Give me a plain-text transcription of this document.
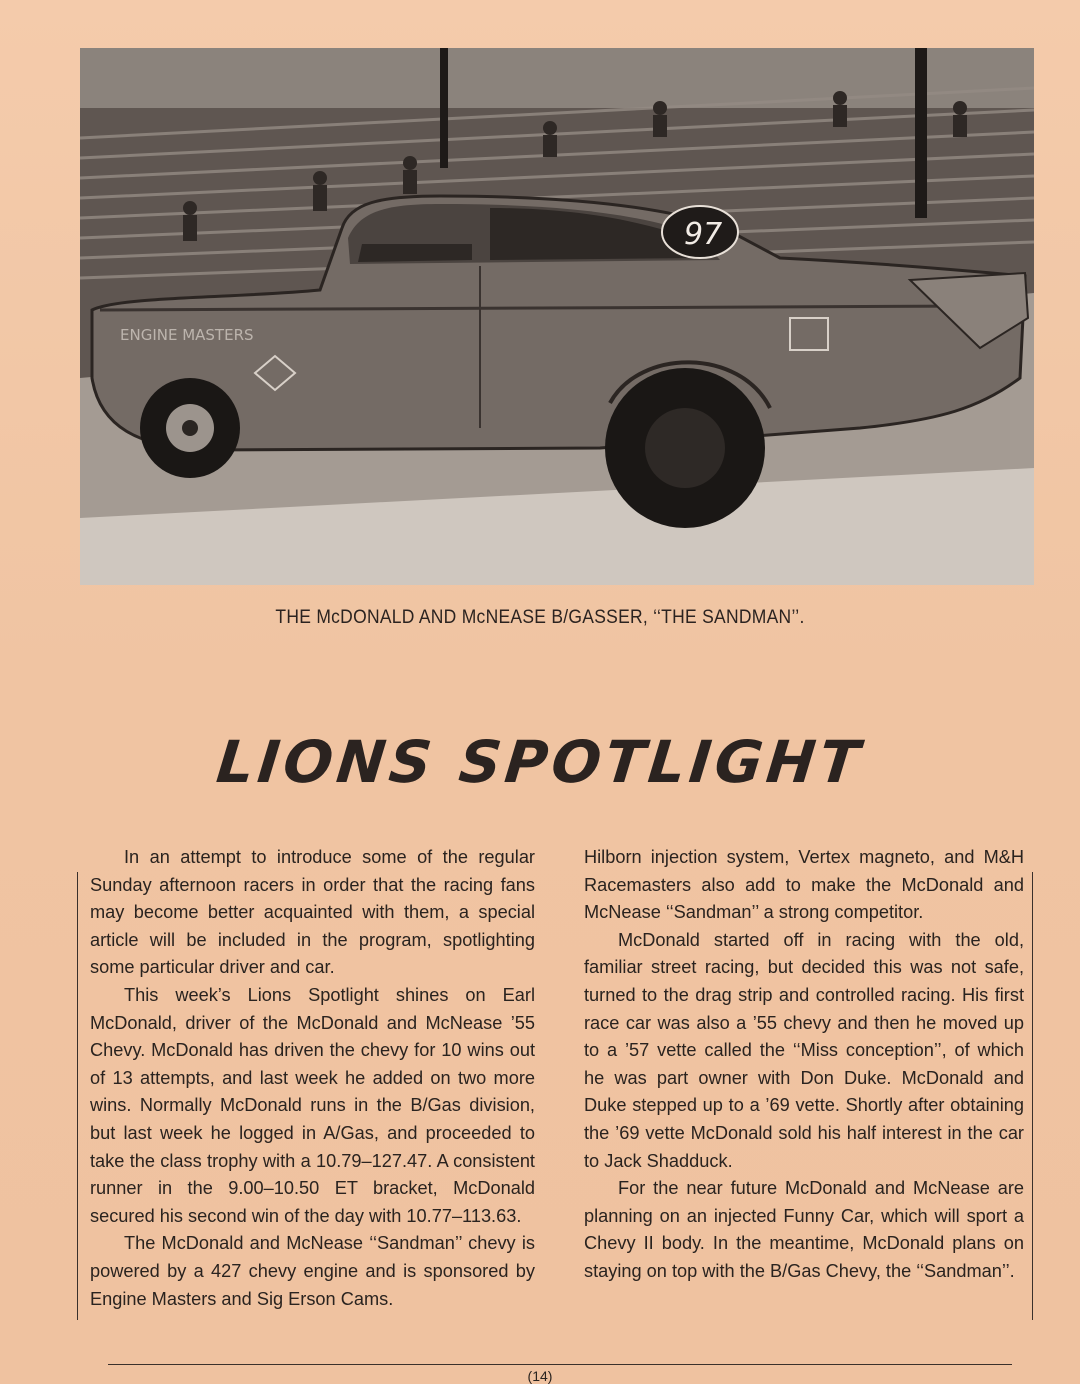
97
ENGINE MASTERS
THE McDONALD AND McNEASE B/GASSER, ‘‘THE SANDMAN’’.
LIONS SPOTLIGHT

In an attempt to introduce some of the regular Sunday afternoon racers in order that the racing fans may become better acquainted with them, a special article will be included in the program, spotlighting some particular driver and car.

This week’s Lions Spotlight shines on Earl McDonald, driver of the McDonald and McNease ’55 Chevy. McDonald has driven the chevy for 10 wins out of 13 attempts, and last week he added on two more wins. Normally McDonald runs in the B/Gas division, but last week he logged in A/Gas, and proceeded to take the class trophy with a 10.79–127.47. A consistent runner in the 9.00–10.50 ET bracket, McDonald secured his second win of the day with 10.77–113.63.

The McDonald and McNease ‘‘Sandman’’ chevy is powered by a 427 chevy engine and is sponsored by Engine Masters and Sig Erson Cams.

Hilborn injection system, Vertex magneto, and M&H Racemasters also add to make the McDonald and McNease ‘‘Sandman’’ a strong competitor.

McDonald started off in racing with the old, familiar street racing, but decided this was not safe, turned to the drag strip and controlled racing. His first race car was also a ’55 chevy and then he moved up to a ’57 vette called the ‘‘Miss conception’’, of which he was part owner with Don Duke. McDonald and Duke stepped up to a ’69 vette. Shortly after obtaining the ’69 vette McDonald sold his half interest in the car to Jack Shadduck.

For the near future McDonald and McNease are planning on an injected Funny Car, which will sport a Chevy II body. In the meantime, McDonald plans on staying on top with the B/Gas Chevy, the ‘‘Sandman’’.

(14)
